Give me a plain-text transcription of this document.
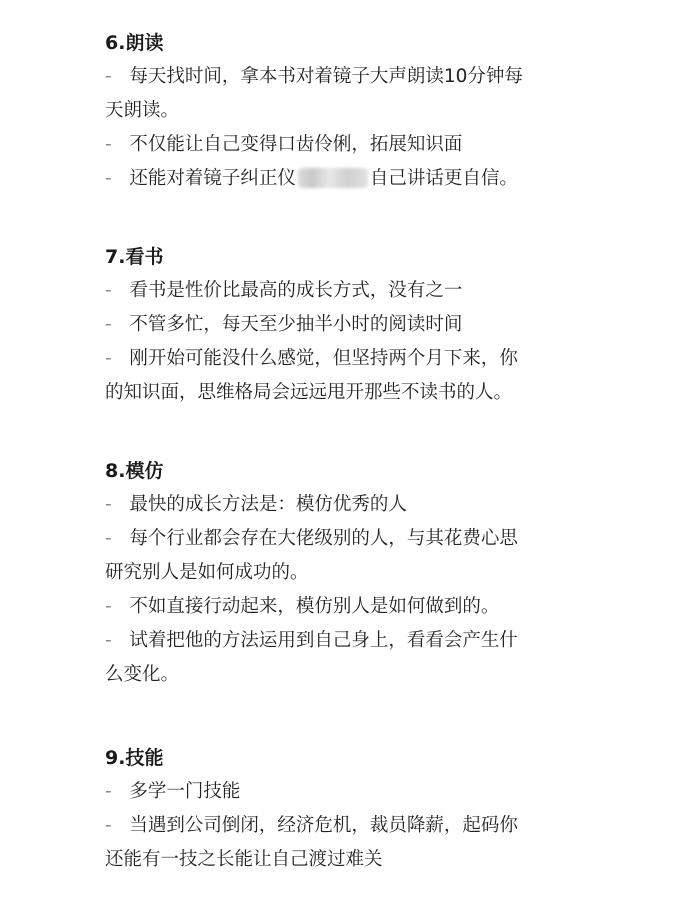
6.朗读
- 每天找时间，拿本书对着镜子大声朗读10分钟每
天朗读。
- 不仅能让自己变得口齿伶俐，拓展知识面
- 还能对着镜子纠正仪	自己讲话更自信。
7.看书
- 看书是性价比最高的成长方式，没有之一
- 不管多忙，每天至少抽半小时的阅读时间
- 刚开始可能没什么感觉，但坚持两个月下来，你
的知识面，思维格局会远远甩开那些不读书的人。
8.模仿
- 最快的成长方法是：模仿优秀的人
- 每个行业都会存在大佬级别的人，与其花费心思
研究别人是如何成功的。
- 不如直接行动起来，模仿别人是如何做到的。
- 试着把他的方法运用到自己身上，看看会产生什
么变化。
9.技能
- 多学一门技能
- 当遇到公司倒闭，经济危机，裁员降薪，起码你
还能有一技之长能让自己渡过难关
